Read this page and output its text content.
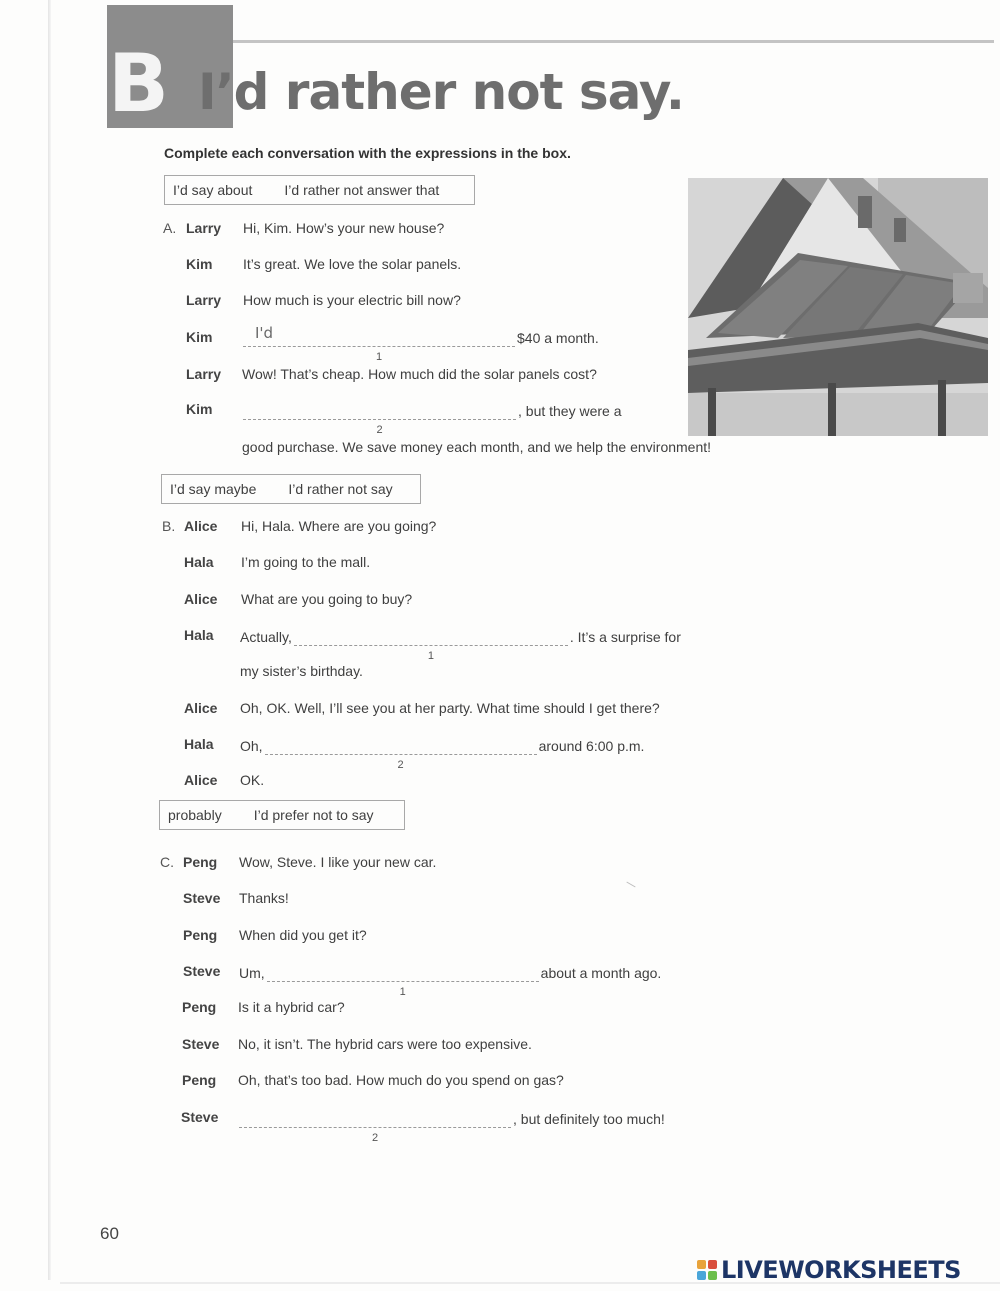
B I’d rather not say.
Complete each conversation with the expressions in the box.
I’d say about I’d rather not answer that
A. Larry Hi, Kim. How’s your new house?
Kim It’s great. We love the solar panels.
Larry How much is your electric bill now?
Kim	I'd
1
$40 a month.
Larry Wow! That’s cheap. How much did the solar panels cost?
Kim
2
, but they were a
good purchase. We save money each month, and we help the environment!
I’d say maybe I’d rather not say
B. Alice Hi, Hala. Where are you going?
Hala I’m going to the mall.
Alice What are you going to buy?
Hala Actually,
1
. It’s a surprise for
my sister’s birthday.
Alice Oh, OK. Well, I’ll see you at her party. What time should I get there?
Hala Oh,
2
around 6:00 p.m.
Alice OK.
probably I’d prefer not to say
C. Peng Wow, Steve. I like your new car.
Steve Thanks!
Peng When did you get it?
Steve Um,
1
about a month ago.
Peng Is it a hybrid car?
Steve No, it isn’t. The hybrid cars were too expensive.
Peng Oh, that’s too bad. How much do you spend on gas?
Steve
2
, but definitely too much!
60
LIVEWORKSHEETS
